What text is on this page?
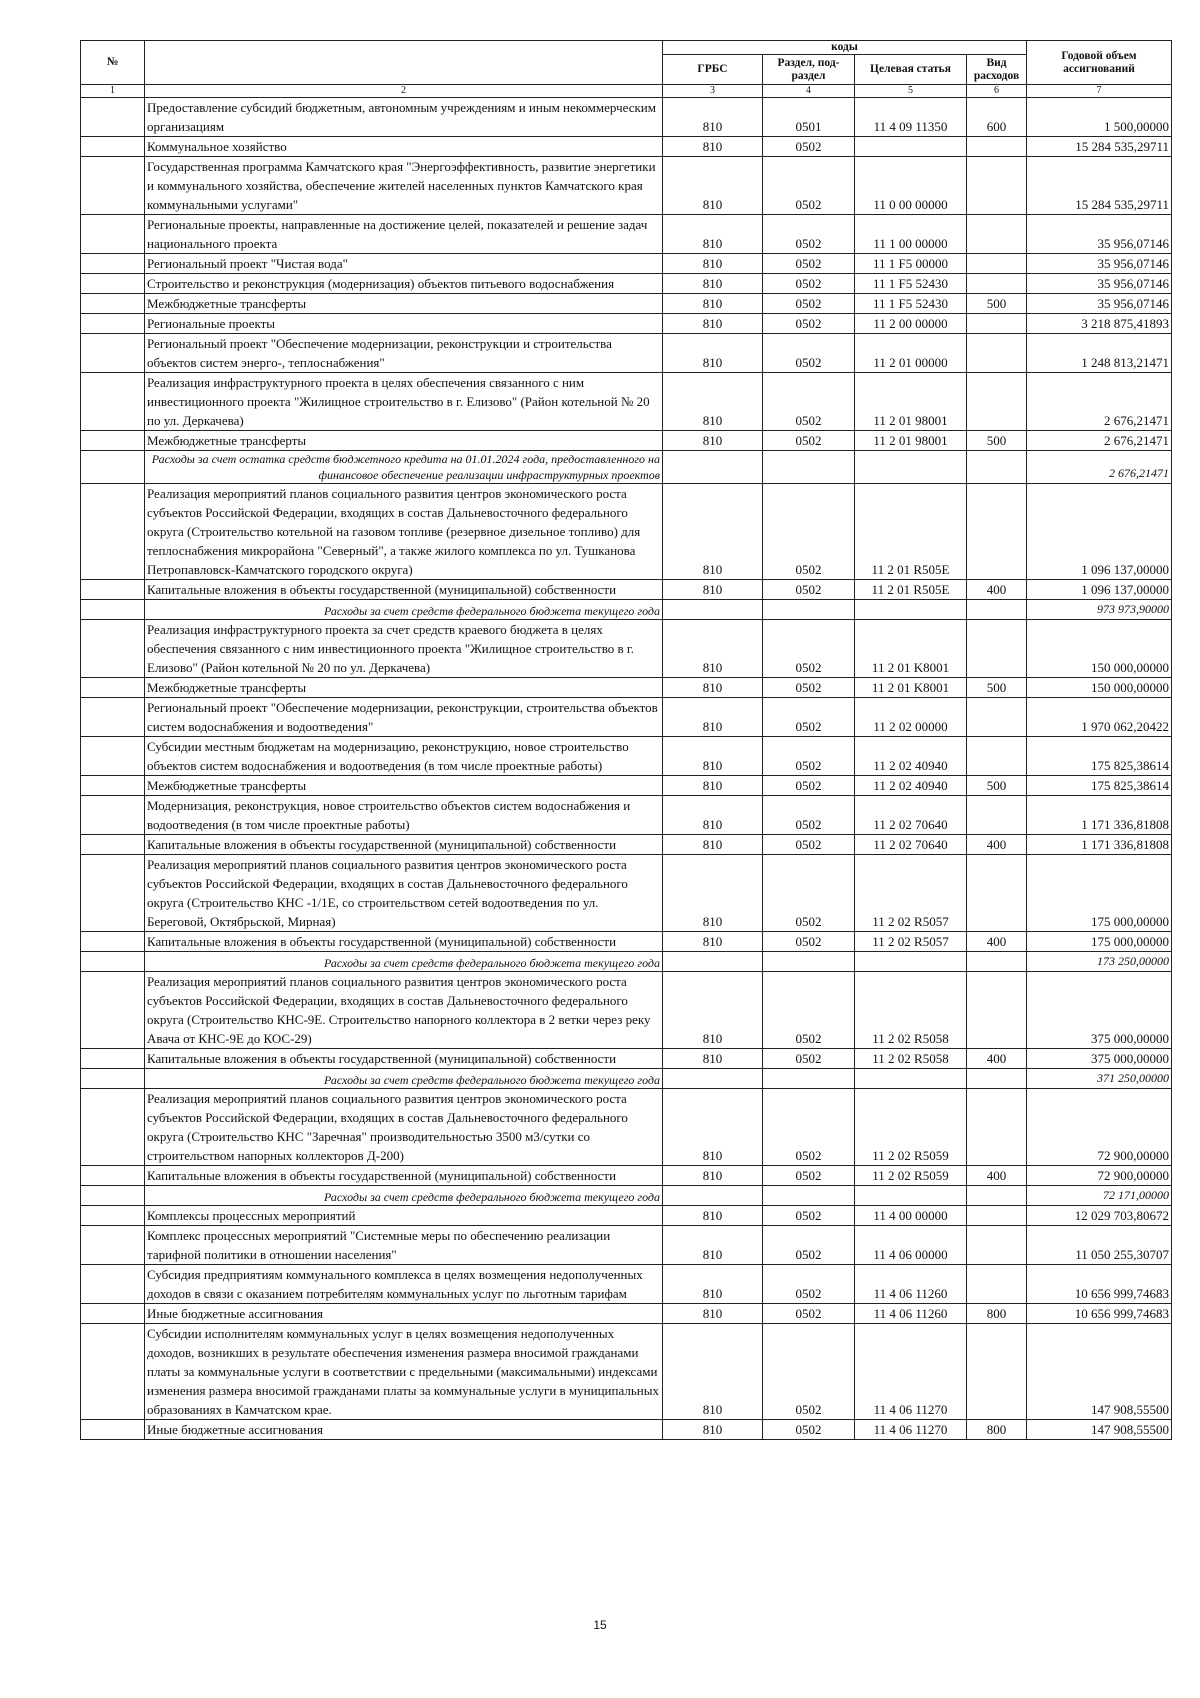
№		коды				Годовой объем ассигнований
		ГРБС	Раздел, под-раздел	Целевая статья	Вид расходов	
1	2	3	4	5	6	7
	Предоставление субсидий бюджетным, автономным учреждениям и иным некоммерческим организациям	810	0501	11 4 09 11350	600	1 500,00000
	Коммунальное хозяйство	810	0502			15 284 535,29711
	Государственная программа Камчатского края "Энергоэффективность, развитие энергетики и коммунального хозяйства, обеспечение жителей населенных пунктов Камчатского края коммунальными услугами"	810	0502	11 0 00 00000		15 284 535,29711
	Региональные проекты, направленные на достижение целей, показателей и решение задач национального проекта	810	0502	11 1 00 00000		35 956,07146
	Региональный проект "Чистая вода"	810	0502	11 1 F5 00000		35 956,07146
	Строительство и реконструкция (модернизация) объектов питьевого водоснабжения	810	0502	11 1 F5 52430		35 956,07146
	Межбюджетные трансферты	810	0502	11 1 F5 52430	500	35 956,07146
	Региональные проекты	810	0502	11 2 00 00000		3 218 875,41893
	Региональный проект "Обеспечение модернизации, реконструкции и строительства объектов систем энерго-, теплоснабжения"	810	0502	11 2 01 00000		1 248 813,21471
	Реализация инфраструктурного проекта в целях обеспечения связанного с ним инвестиционного проекта "Жилищное строительство в г. Елизово" (Район котельной № 20 по ул. Деркачева)	810	0502	11 2 01 98001		2 676,21471
	Межбюджетные трансферты	810	0502	11 2 01 98001	500	2 676,21471
	Расходы за счет остатка средств бюджетного кредита на 01.01.2024 года, предоставленного на финансовое обеспечение реализации инфраструктурных проектов					2 676,21471
	Реализация мероприятий планов социального развития центров экономического роста субъектов Российской Федерации, входящих в состав Дальневосточного федерального округа (Строительство котельной на газовом топливе (резервное дизельное топливо) для теплоснабжения микрорайона "Северный", а также жилого комплекса по ул. Тушканова Петропавловск-Камчатского городского округа)	810	0502	11 2 01 R505E		1 096 137,00000
	Капитальные вложения в объекты государственной (муниципальной) собственности	810	0502	11 2 01 R505E	400	1 096 137,00000
	Расходы за счет средств федерального бюджета текущего года					973 973,90000
	Реализация инфраструктурного проекта за счет средств краевого бюджета в целях обеспечения связанного с ним инвестиционного проекта "Жилищное строительство в г. Елизово" (Район котельной № 20 по ул. Деркачева)	810	0502	11 2 01 K8001		150 000,00000
	Межбюджетные трансферты	810	0502	11 2 01 K8001	500	150 000,00000
	Региональный проект "Обеспечение модернизации, реконструкции, строительства объектов систем водоснабжения и водоотведения"	810	0502	11 2 02 00000		1 970 062,20422
	Субсидии местным бюджетам на модернизацию, реконструкцию, новое строительство объектов систем водоснабжения и водоотведения (в том числе проектные работы)	810	0502	11 2 02 40940		175 825,38614
	Межбюджетные трансферты	810	0502	11 2 02 40940	500	175 825,38614
	Модернизация, реконструкция, новое строительство объектов систем водоснабжения и водоотведения (в том числе проектные работы)	810	0502	11 2 02 70640		1 171 336,81808
	Капитальные вложения в объекты государственной (муниципальной) собственности	810	0502	11 2 02 70640	400	1 171 336,81808
	Реализация мероприятий планов социального развития центров экономического роста субъектов Российской Федерации, входящих в состав Дальневосточного федерального округа (Строительство КНС -1/1Е, со строительством сетей водоотведения по ул. Береговой, Октябрьской, Мирная)	810	0502	11 2 02 R5057		175 000,00000
	Капитальные вложения в объекты государственной (муниципальной) собственности	810	0502	11 2 02 R5057	400	175 000,00000
	Расходы за счет средств федерального бюджета текущего года					173 250,00000
	Реализация мероприятий планов социального развития центров экономического роста субъектов Российской Федерации, входящих в состав Дальневосточного федерального округа (Строительство КНС-9Е. Строительство напорного коллектора в 2 ветки через реку Авача от КНС-9Е до КОС-29)	810	0502	11 2 02 R5058		375 000,00000
	Капитальные вложения в объекты государственной (муниципальной) собственности	810	0502	11 2 02 R5058	400	375 000,00000
	Расходы за счет средств федерального бюджета текущего года					371 250,00000
	Реализация мероприятий планов социального развития центров экономического роста субъектов Российской Федерации, входящих в состав Дальневосточного федерального округа (Строительство КНС "Заречная" производительностью 3500 м3/сутки со строительством напорных коллекторов Д-200)	810	0502	11 2 02 R5059		72 900,00000
	Капитальные вложения в объекты государственной (муниципальной) собственности	810	0502	11 2 02 R5059	400	72 900,00000
	Расходы за счет средств федерального бюджета текущего года					72 171,00000
	Комплексы процессных мероприятий	810	0502	11 4 00 00000		12 029 703,80672
	Комплекс процессных мероприятий "Системные меры по обеспечению реализации тарифной политики в отношении населения"	810	0502	11 4 06 00000		11 050 255,30707
	Субсидия предприятиям коммунального комплекса в целях возмещения недополученных доходов в связи с оказанием потребителям коммунальных услуг по льготным тарифам	810	0502	11 4 06 11260		10 656 999,74683
	Иные бюджетные ассигнования	810	0502	11 4 06 11260	800	10 656 999,74683
	Субсидии исполнителям коммунальных услуг в целях возмещения недополученных доходов, возникших в результате обеспечения изменения размера вносимой гражданами платы за коммунальные услуги в соответствии с предельными (максимальными) индексами изменения размера вносимой гражданами платы за коммунальные услуги в муниципальных образованиях в Камчатском крае.	810	0502	11 4 06 11270		147 908,55500
	Иные бюджетные ассигнования	810	0502	11 4 06 11270	800	147 908,55500
15
